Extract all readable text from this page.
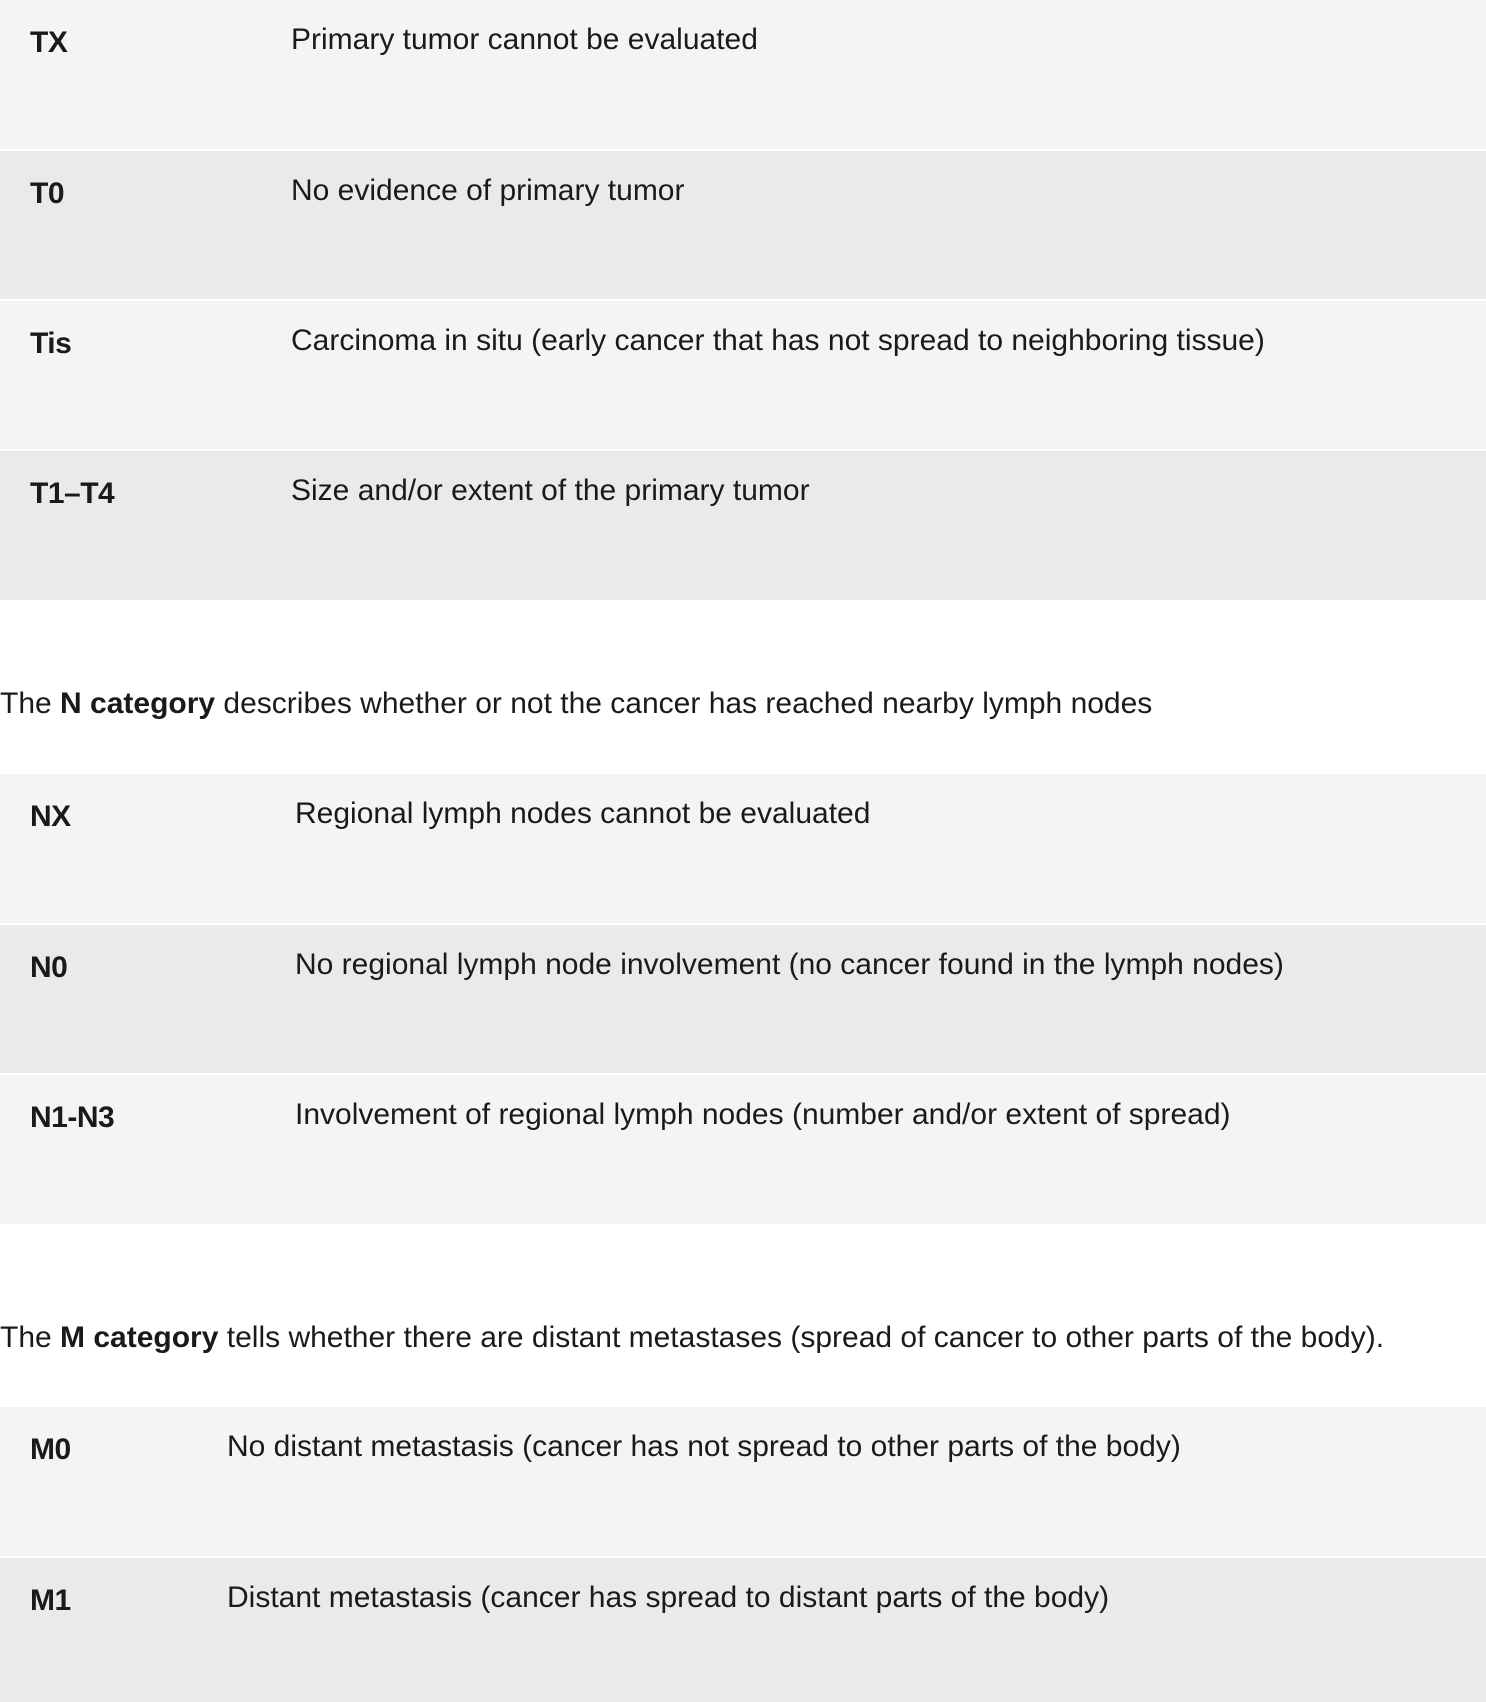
TX	Primary tumor cannot be evaluated
T0	No evidence of primary tumor
Tis	Carcinoma in situ (early cancer that has not spread to neighboring tissue)
T1–T4	Size and/or extent of the primary tumor

The N category describes whether or not the cancer has reached nearby lymph nodes

NX	Regional lymph nodes cannot be evaluated
N0	No regional lymph node involvement (no cancer found in the lymph nodes)
N1-N3	Involvement of regional lymph nodes (number and/or extent of spread)

The M category tells whether there are distant metastases (spread of cancer to other parts of the body).

M0	No distant metastasis (cancer has not spread to other parts of the body)
M1	Distant metastasis (cancer has spread to distant parts of the body)
